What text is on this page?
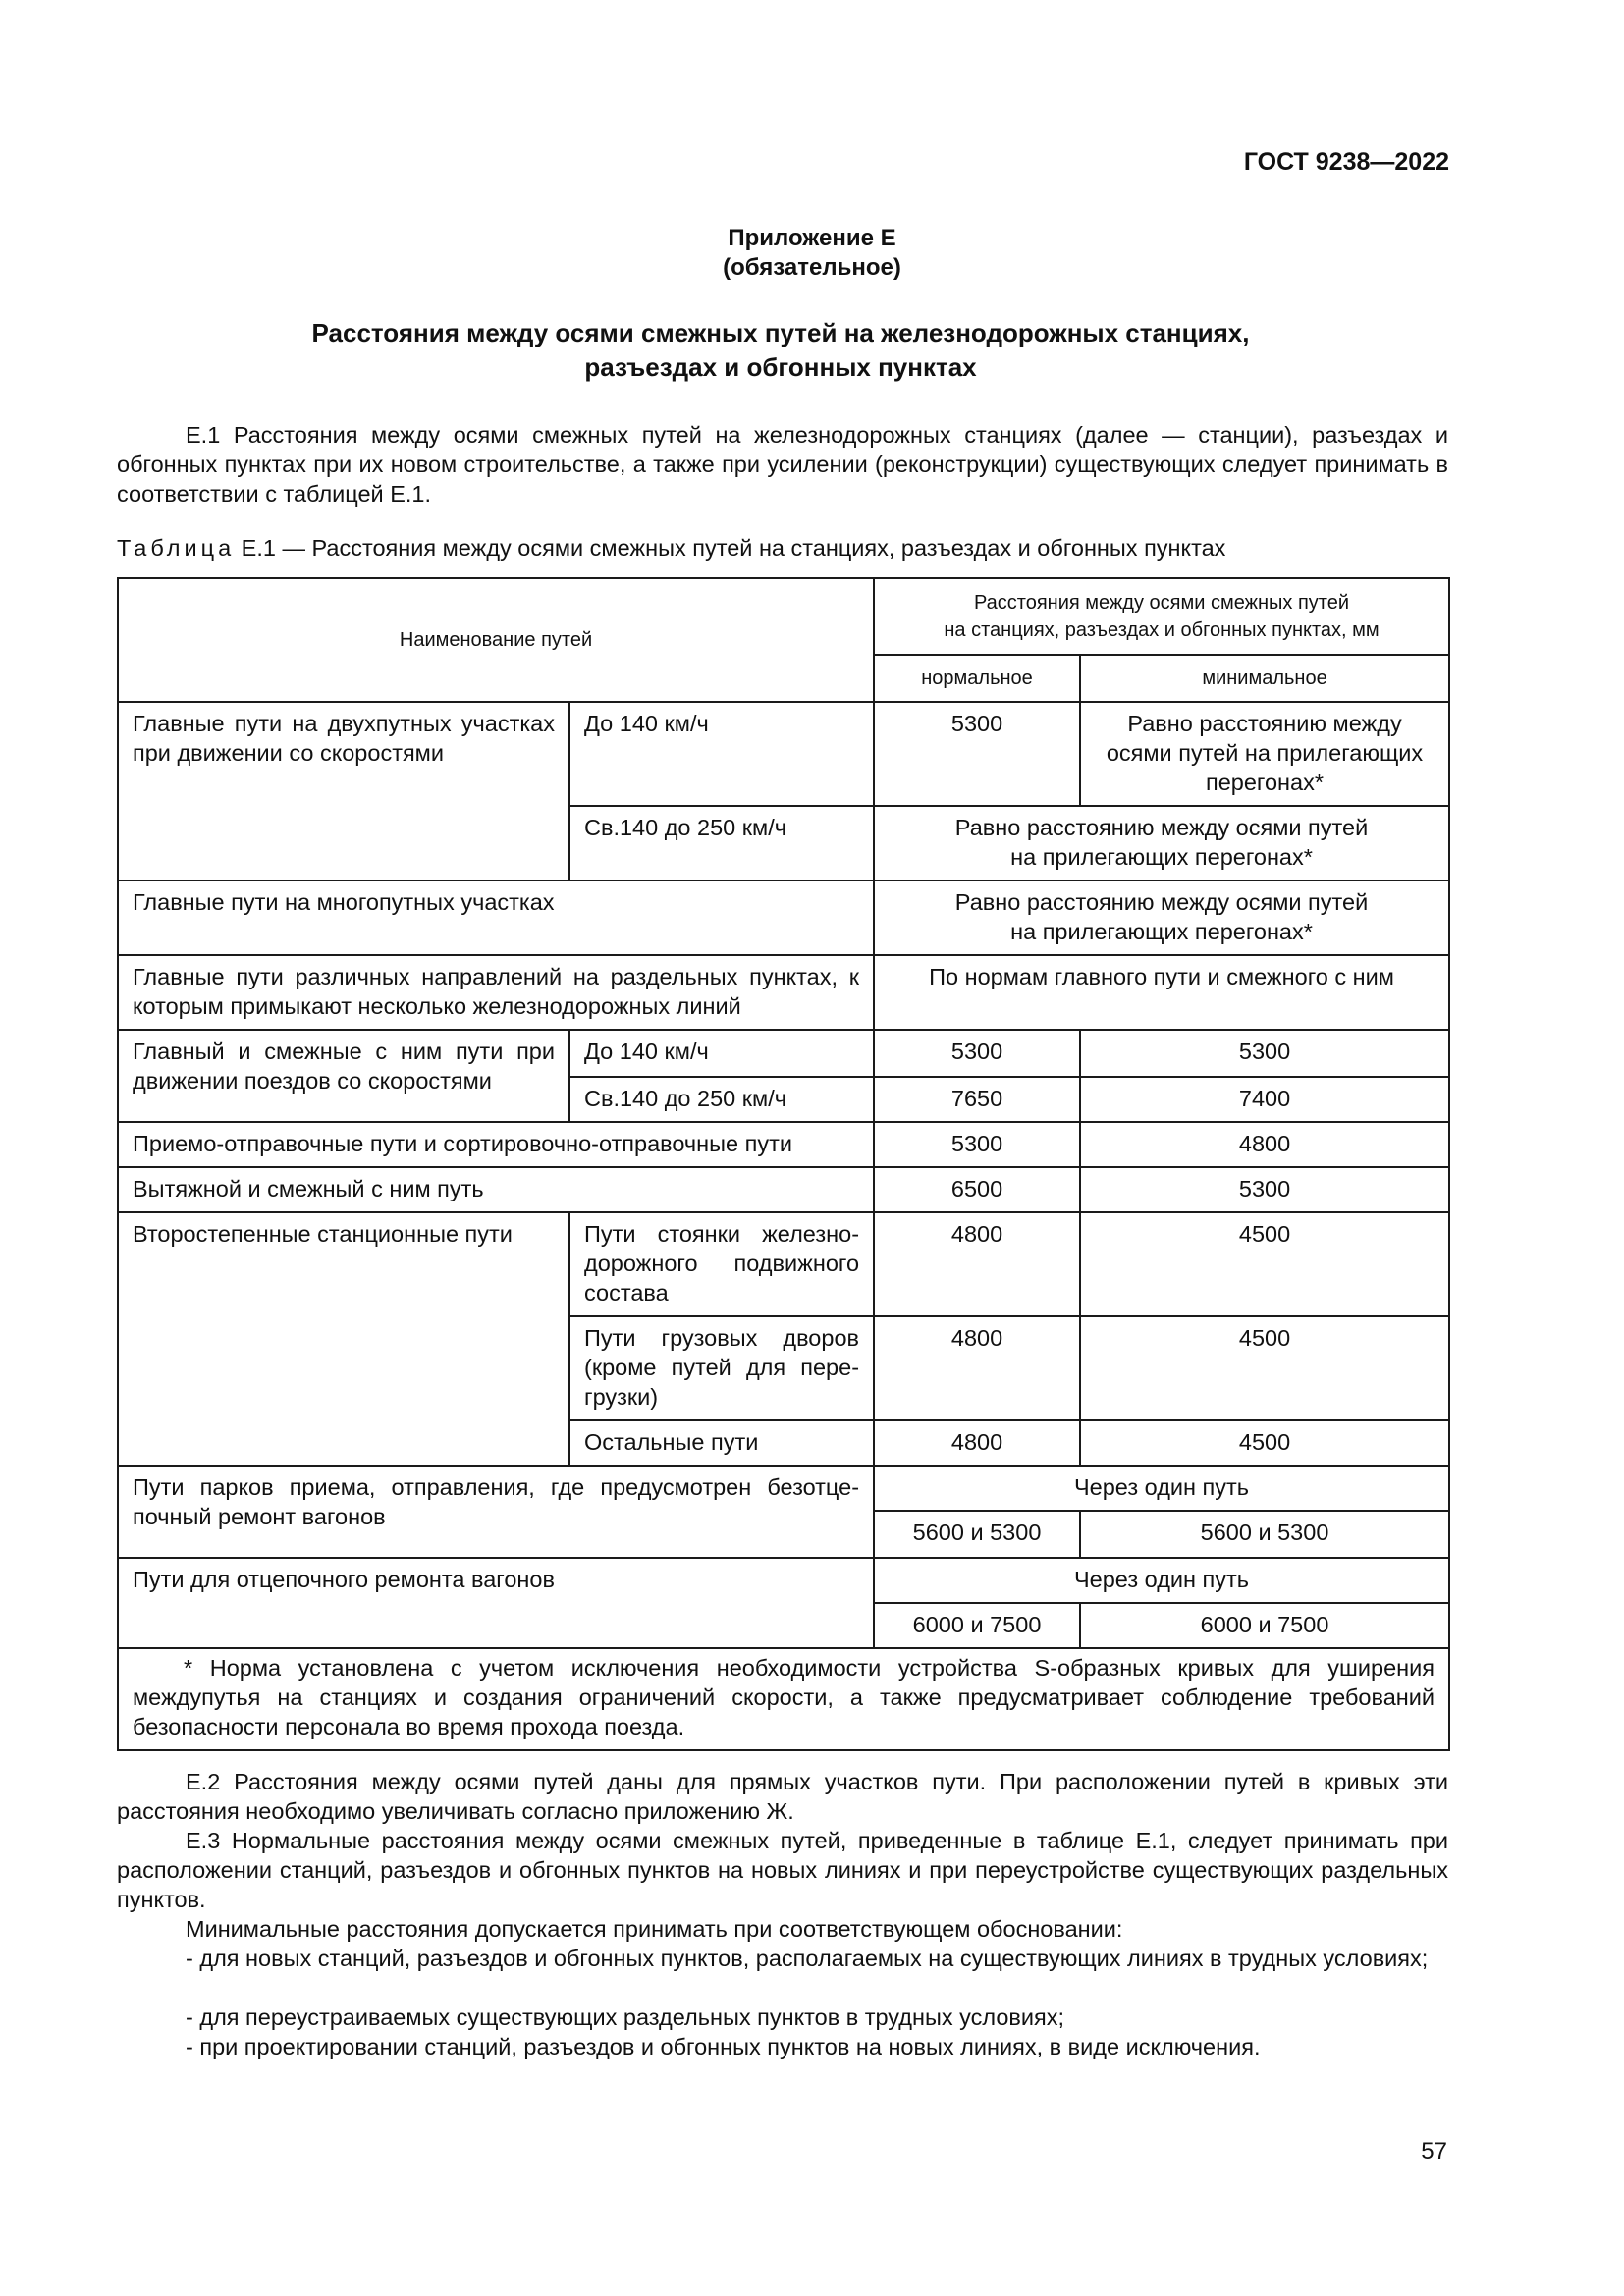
ГОСТ 9238—2022
Приложение Е
(обязательное)
Расстояния между осями смежных путей на железнодорожных станциях,
разъездах и обгонных пунктах
Е.1 Расстояния между осями смежных путей на железнодорожных станциях (далее — станции), разъездах и обгонных пунктах при их новом строительстве, а также при усилении (реконструкции) существующих следует принимать в соответствии с таблицей Е.1.
Таблица Е.1 — Расстояния между осями смежных путей на станциях, разъездах и обгонных пунктах
Наименование путей		Расстояния между осями смежных путей
на станциях, разъездах и обгонных пунктах, мм	

		нормальное	минимальное
Главные пути на двухпутных участках при движении со скоростями	До 140 км/ч	5300	Равно расстоянию между осями путей на прилегающих перегонах*
	Св.140 до 250 км/ч	Равно расстоянию между осями путей
на прилегающих перегонах*	

Главные пути на многопутных участках		Равно расстоянию между осями путей
на прилегающих перегонах*	

Главные пути различных направлений на раздельных пунктах, к которым примыкают несколько железнодорожных линий		По нормам главного пути и смежного с ним	
Главный и смежные с ним пути при движении поездов со скоростями	До 140 км/ч	5300	5300
	Св.140 до 250 км/ч	7650	7400
Приемо-отправочные пути и сортировочно-отправочные пути		5300	4800
Вытяжной и смежный с ним путь		6500	5300
Второстепенные станционные пути	Пути стоянки железнодорожного подвижного состава	4800	4500
	Пути грузовых дворов (кроме путей для перегрузки)	4800	4500
	Остальные пути	4800	4500
Пути парков приема, отправления, где предусмотрен безотцепочный ремонт вагонов		Через один путь	
		5600 и 5300	5600 и 5300
Пути для отцепочного ремонта вагонов		Через один путь	
		6000 и 7500	6000 и 7500

* Норма установлена с учетом исключения необходимости устройства S-образных кривых для уширения междупутья на станциях и создания ограничений скорости, а также предусматривает соблюдение требований безопасности персонала во время прохода поезда.			
Е.2 Расстояния между осями путей даны для прямых участков пути. При расположении путей в кривых эти расстояния необходимо увеличивать согласно приложению Ж.
Е.3 Нормальные расстояния между осями смежных путей, приведенные в таблице Е.1, следует принимать при расположении станций, разъездов и обгонных пунктов на новых линиях и при переустройстве существующих раздельных пунктов.
Минимальные расстояния допускается принимать при соответствующем обосновании:
- для новых станций, разъездов и обгонных пунктов, располагаемых на существующих линиях в трудных условиях;
- для переустраиваемых существующих раздельных пунктов в трудных условиях;
- при проектировании станций, разъездов и обгонных пунктов на новых линиях, в виде исключения.
57
